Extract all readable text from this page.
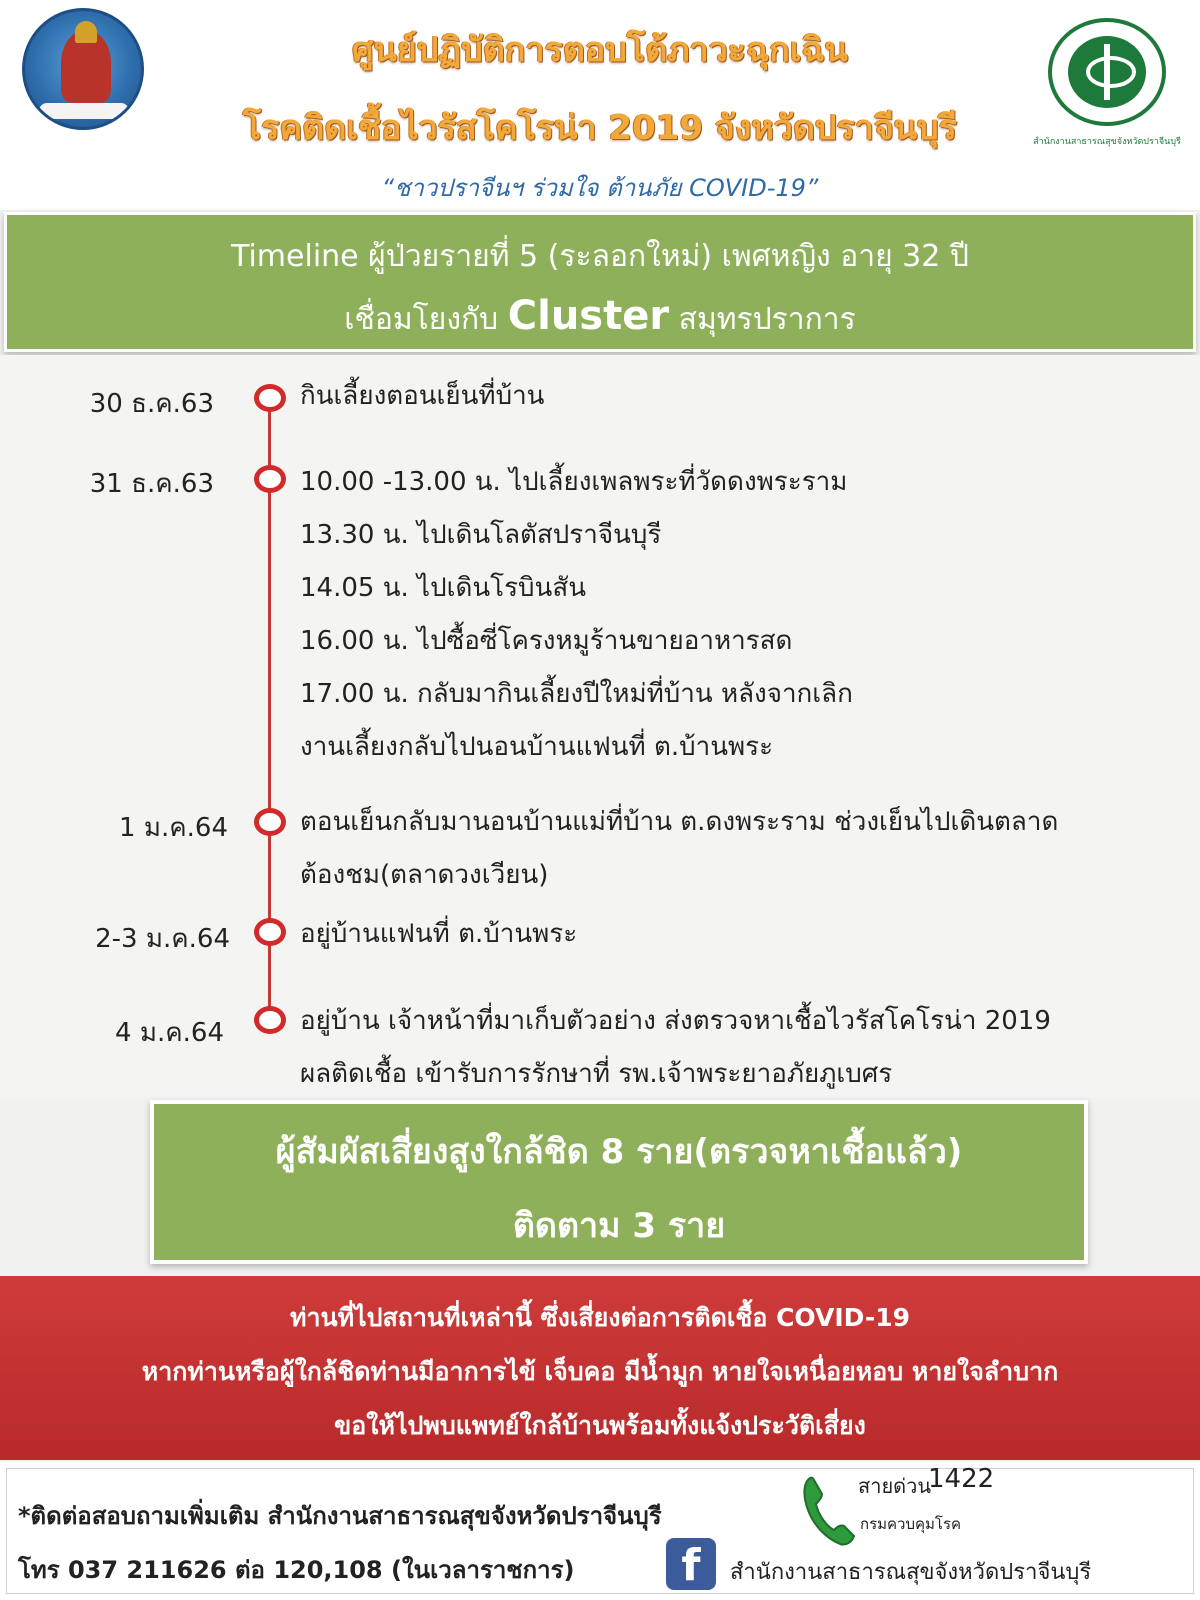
ศูนย์ปฏิบัติการตอบโต้ภาวะฉุกเฉิน
โรคติดเชื้อไวรัสโคโรน่า 2019 จังหวัดปราจีนบุรี
“ชาวปราจีนฯ ร่วมใจ ต้านภัย COVID-19”
สำนักงานสาธารณสุขจังหวัดปราจีนบุรี
Timeline ผู้ป่วยรายที่ 5 (ระลอกใหม่) เพศหญิง อายุ 32 ปี
เชื่อมโยงกับ Cluster สมุทรปราการ
30 ธ.ค.63	กินเลี้ยงตอนเย็นที่บ้าน
31 ธ.ค.63	10.00 -13.00 น. ไปเลี้ยงเพลพระที่วัดดงพระราม
13.30 น. ไปเดินโลตัสปราจีนบุรี
14.05 น. ไปเดินโรบินสัน
16.00 น. ไปซื้อซี่โครงหมูร้านขายอาหารสด
17.00 น. กลับมากินเลี้ยงปีใหม่ที่บ้าน หลังจากเลิก
งานเลี้ยงกลับไปนอนบ้านแฟนที่ ต.บ้านพระ
1 ม.ค.64	ตอนเย็นกลับมานอนบ้านแม่ที่บ้าน ต.ดงพระราม ช่วงเย็นไปเดินตลาด
ต้องชม(ตลาดวงเวียน)
2-3 ม.ค.64	อยู่บ้านแฟนที่ ต.บ้านพระ
4 ม.ค.64	อยู่บ้าน เจ้าหน้าที่มาเก็บตัวอย่าง ส่งตรวจหาเชื้อไวรัสโคโรน่า 2019
ผลติดเชื้อ เข้ารับการรักษาที่ รพ.เจ้าพระยาอภัยภูเบศร
ผู้สัมผัสเสี่ยงสูงใกล้ชิด 8 ราย(ตรวจหาเชื้อแล้ว)
ติดตาม 3 ราย
ท่านที่ไปสถานที่เหล่านี้ ซึ่งเสี่ยงต่อการติดเชื้อ COVID-19
หากท่านหรือผู้ใกล้ชิดท่านมีอาการไข้ เจ็บคอ มีน้ำมูก หายใจเหนื่อยหอบ หายใจลำบาก
ขอให้ไปพบแพทย์ใกล้บ้านพร้อมทั้งแจ้งประวัติเสี่ยง
*ติดต่อสอบถามเพิ่มเติม สำนักงานสาธารณสุขจังหวัดปราจีนบุรี
โทร 037 211626 ต่อ 120,108 (ในเวลาราชการ)
สายด่วน
1422
กรมควบคุมโรค
f	สำนักงานสาธารณสุขจังหวัดปราจีนบุรี
